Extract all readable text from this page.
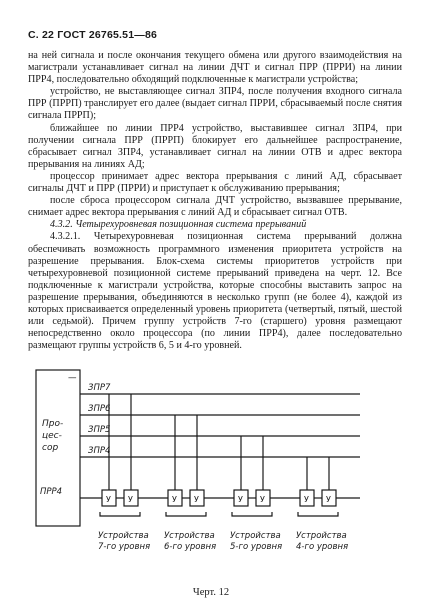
С. 22 ГОСТ 26765.51—86

на ней сигнала и после окончания текущего обмена или другого взаимодействия на магистрали устанавливает сигнал на линии ДЧТ и сигнал ПРР (ПРРИ) на линии ПРР4, последовательно обходящий подключенные к магистрали устройства;

устройство, не выставляющее сигнал ЗПР4, после получения входного сигнала ПРР (ПРРП) транслирует его далее (выдает сигнал ПРРИ, сбрасываемый после снятия сигнала ПРРП);

ближайшее по линии ПРР4 устройство, выставившее сигнал ЗПР4, при получении сигнала ПРР (ПРРП) блокирует его дальнейшее распространение, сбрасывает сигнал ЗПР4, устанавливает сигнал на линии ОТВ и адрес вектора прерывания на линиях АД;

процессор принимает адрес вектора прерывания с линий АД, сбрасывает сигналы ДЧТ и ПРР (ПРРИ) и приступает к обслуживанию прерывания;

после сброса процессором сигнала ДЧТ устройство, вызвавшее прерывание, снимает адрес вектора прерывания с линий АД и сбрасывает сигнал ОТВ.

4.3.2. Четырехуровневая позиционная система прерываний

4.3.2.1. Четырехуровневая позиционная система прерываний должна обеспечивать возможность программного изменения приоритета устройств на разрешение прерывания. Блок-схема системы приоритетов устройств при четырехуровневой позиционной системе прерываний приведена на черт. 12. Все подключенные к магистрали устройства, которые способны выставить запрос на разрешение прерывания, объединяются в несколько групп (не более 4), каждой из которых присваивается определенный уровень приоритета (четвертый, пятый, шестой или седьмой). Причем группу устройств 7-го (старшего) уровня размещают непосредственно около процессора (по линии ПРР4), далее последовательно размещают группы устройств 6, 5 и 4-го уровней.

—
Про-
цес-
сор
ЗПР7
ЗПР6
ЗПР5
ЗПР4
ПРР4
У У	У У	У У	У У
Устройства
7-го уровня
Устройства
6-го уровня
Устройства
5-го уровня
Устройства
4-го уровня
Черт. 12
